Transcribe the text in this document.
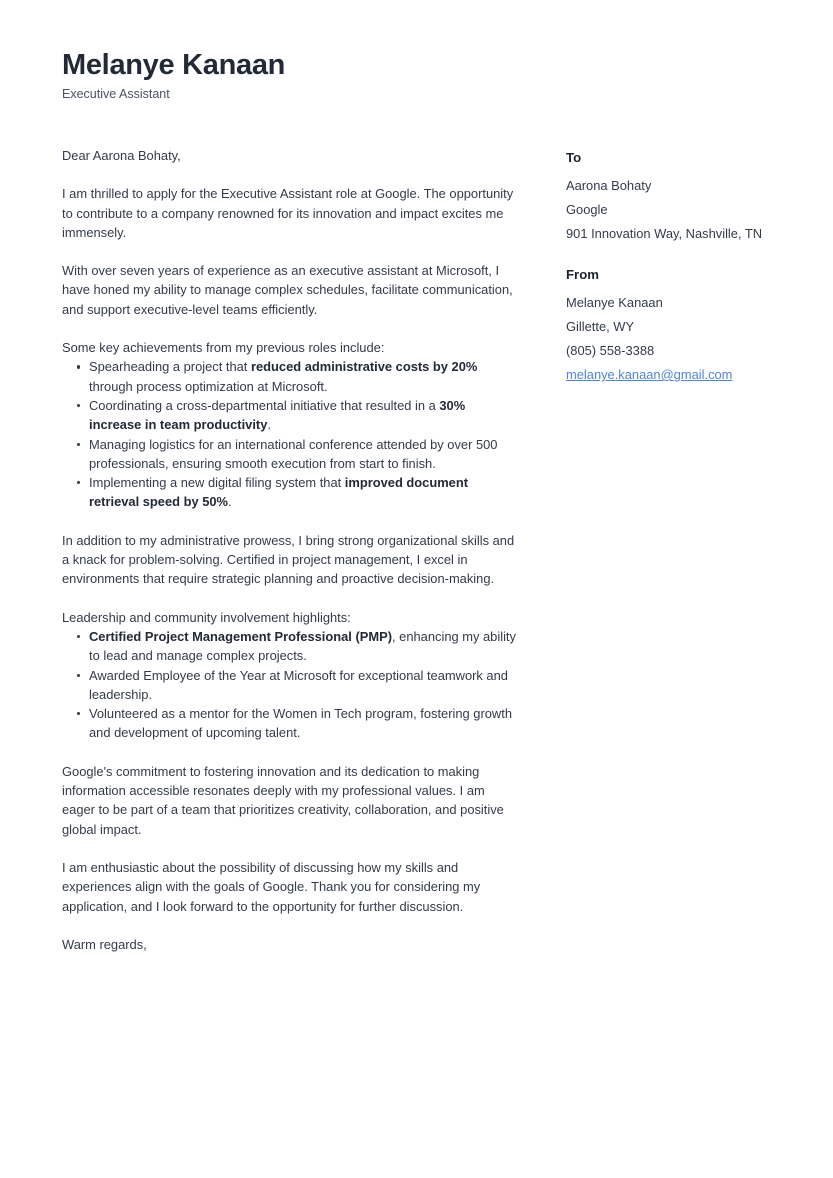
Melanye Kanaan

Executive Assistant

Dear Aarona Bohaty,

I am thrilled to apply for the Executive Assistant role at Google. The opportunity to contribute to a company renowned for its innovation and impact excites me immensely.

With over seven years of experience as an executive assistant at Microsoft, I have honed my ability to manage complex schedules, facilitate communication, and support executive-level teams efficiently.

Some key achievements from my previous roles include:

Spearheading a project that reduced administrative costs by 20% through process optimization at Microsoft.
Coordinating a cross-departmental initiative that resulted in a 30% increase in team productivity.
Managing logistics for an international conference attended by over 500 professionals, ensuring smooth execution from start to finish.
Implementing a new digital filing system that improved document retrieval speed by 50%.

In addition to my administrative prowess, I bring strong organizational skills and a knack for problem-solving. Certified in project management, I excel in environments that require strategic planning and proactive decision-making.

Leadership and community involvement highlights:

Certified Project Management Professional (PMP), enhancing my ability to lead and manage complex projects.
Awarded Employee of the Year at Microsoft for exceptional teamwork and leadership.
Volunteered as a mentor for the Women in Tech program, fostering growth and development of upcoming talent.

Google's commitment to fostering innovation and its dedication to making information accessible resonates deeply with my professional values. I am eager to be part of a team that prioritizes creativity, collaboration, and positive global impact.

I am enthusiastic about the possibility of discussing how my skills and experiences align with the goals of Google. Thank you for considering my application, and I look forward to the opportunity for further discussion.

Warm regards,

To
Aarona Bohaty
Google
901 Innovation Way, Nashville, TN
From
Melanye Kanaan
Gillette, WY
(805) 558-3388
melanye.kanaan@gmail.com
